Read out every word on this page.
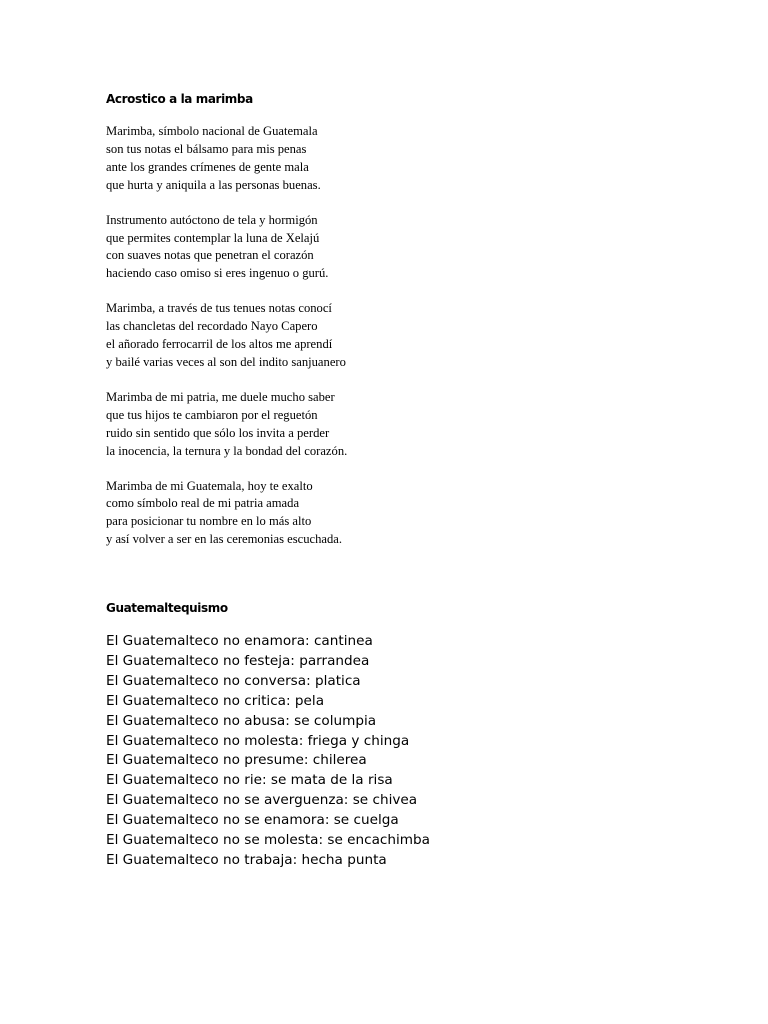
Acrostico a la marimba
Marimba, símbolo nacional de Guatemala
son tus notas el bálsamo para mis penas
ante los grandes crímenes de gente mala
que hurta y aniquila a las personas buenas.
Instrumento autóctono de tela y hormigón
que permites contemplar la luna de Xelajú
con suaves notas que penetran el corazón
haciendo caso omiso si eres ingenuo o gurú.
Marimba, a través de tus tenues notas conocí
las chancletas del recordado Nayo Capero
el añorado ferrocarril de los altos me aprendí
y bailé varias veces al son del indito sanjuanero
Marimba de mi patria, me duele mucho saber
que tus hijos te cambiaron por el reguetón
ruido sin sentido que sólo los invita a perder
la inocencia, la ternura y la bondad del corazón.
Marimba de mi Guatemala, hoy te exalto
como símbolo real de mi patria amada
para posicionar tu nombre en lo más alto
y así volver a ser en las ceremonias escuchada.
Guatemaltequismo
El Guatemalteco no enamora: cantinea
El Guatemalteco no festeja: parrandea
El Guatemalteco no conversa: platica
El Guatemalteco no critica: pela
El Guatemalteco no abusa: se columpia
El Guatemalteco no molesta: friega y chinga
El Guatemalteco no presume: chilerea
El Guatemalteco no rie: se mata de la risa
El Guatemalteco no se averguenza: se chivea
El Guatemalteco no se enamora: se cuelga
El Guatemalteco no se molesta: se encachimba
El Guatemalteco no trabaja: hecha punta
